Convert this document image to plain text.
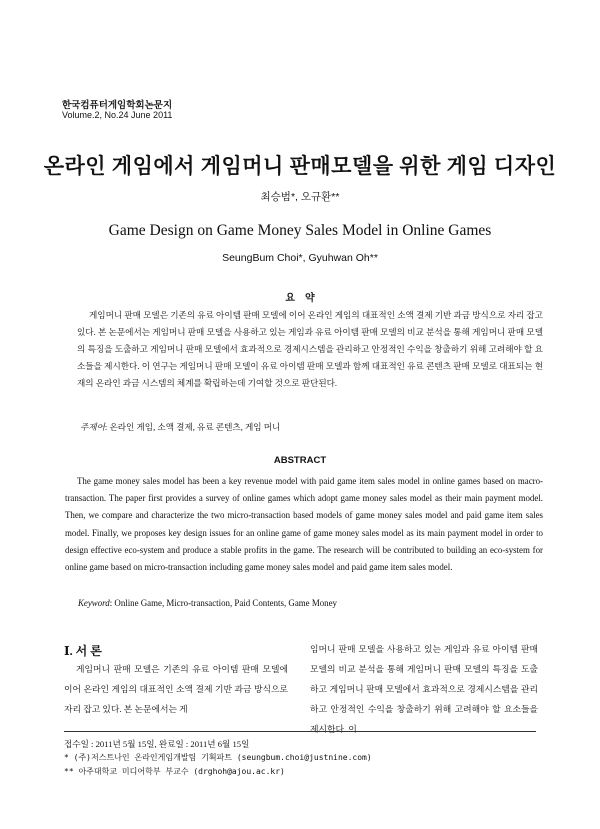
한국컴퓨터게임학회논문지
Volume.2, No.24 June 2011
온라인 게임에서 게임머니 판매모델을 위한 게임 디자인
최승범*, 오규환**
Game Design on Game Money Sales Model in Online Games
SeungBum Choi*, Gyuhwan Oh**
요약
게임머니 판매 모델은 기존의 유료 아이템 판매 모델에 이어 온라인 게임의 대표적인 소액 결제 기반 과금 방식으로 자리 잡고 있다. 본 논문에서는 게임머니 판매 모델을 사용하고 있는 게임과 유료 아이템 판매 모델의 비교 분석을 통해 게임머니 판매 모델의 특징을 도출하고 게임머니 판매 모델에서 효과적으로 경제시스템을 관리하고 안정적인 수익을 창출하기 위해 고려해야 할 요소들을 제시한다. 이 연구는 게임머니 판매 모델이 유료 아이템 판매 모델과 함께 대표적인 유료 콘텐츠 판매 모델로 대표되는 현재의 온라인 과금 시스템의 체계를 확립하는데 기여할 것으로 판단된다.
주제어: 온라인 게임, 소액 결제, 유료 콘텐츠, 게임 머니
ABSTRACT
The game money sales model has been a key revenue model with paid game item sales model in online games based on macro-transaction. The paper first provides a survey of online games which adopt game money sales model as their main payment model. Then, we compare and characterize the two micro-transaction based models of game money sales model and paid game item sales model. Finally, we proposes key design issues for an online game of game money sales model as its main payment model in order to design effective eco-system and produce a stable profits in the game. The research will be contributed to building an eco-system for online game based on micro-transaction including game money sales model and paid game item sales model.
Keyword: Online Game, Micro-transaction, Paid Contents, Game Money
Ⅰ. 서 론
게임머니 판매 모델은 기존의 유료 아이템 판매 모델에 이어 온라인 게임의 대표적인 소액 결제 기반 과금 방식으로 자리 잡고 있다. 본 논문에서는 게
임머니 판매 모델을 사용하고 있는 게임과 유료 아이템 판매 모델의 비교 분석을 통해 게임머니 판매 모델의 특징을 도출하고 게임머니 판매 모델에서 효과적으로 경제시스템을 관리하고 안정적인 수익을 창출하기 위해 고려해야 할 요소들을 제시한다. 이
접수일 : 2011년 5월 15일, 완료일 : 2011년 6월 15일
* (주)저스트나인 온라인게임개발팀 기획파트 (seungbum.choi@justnine.com)
** 아주대학교 미디어학부 부교수 (drghoh@ajou.ac.kr)
